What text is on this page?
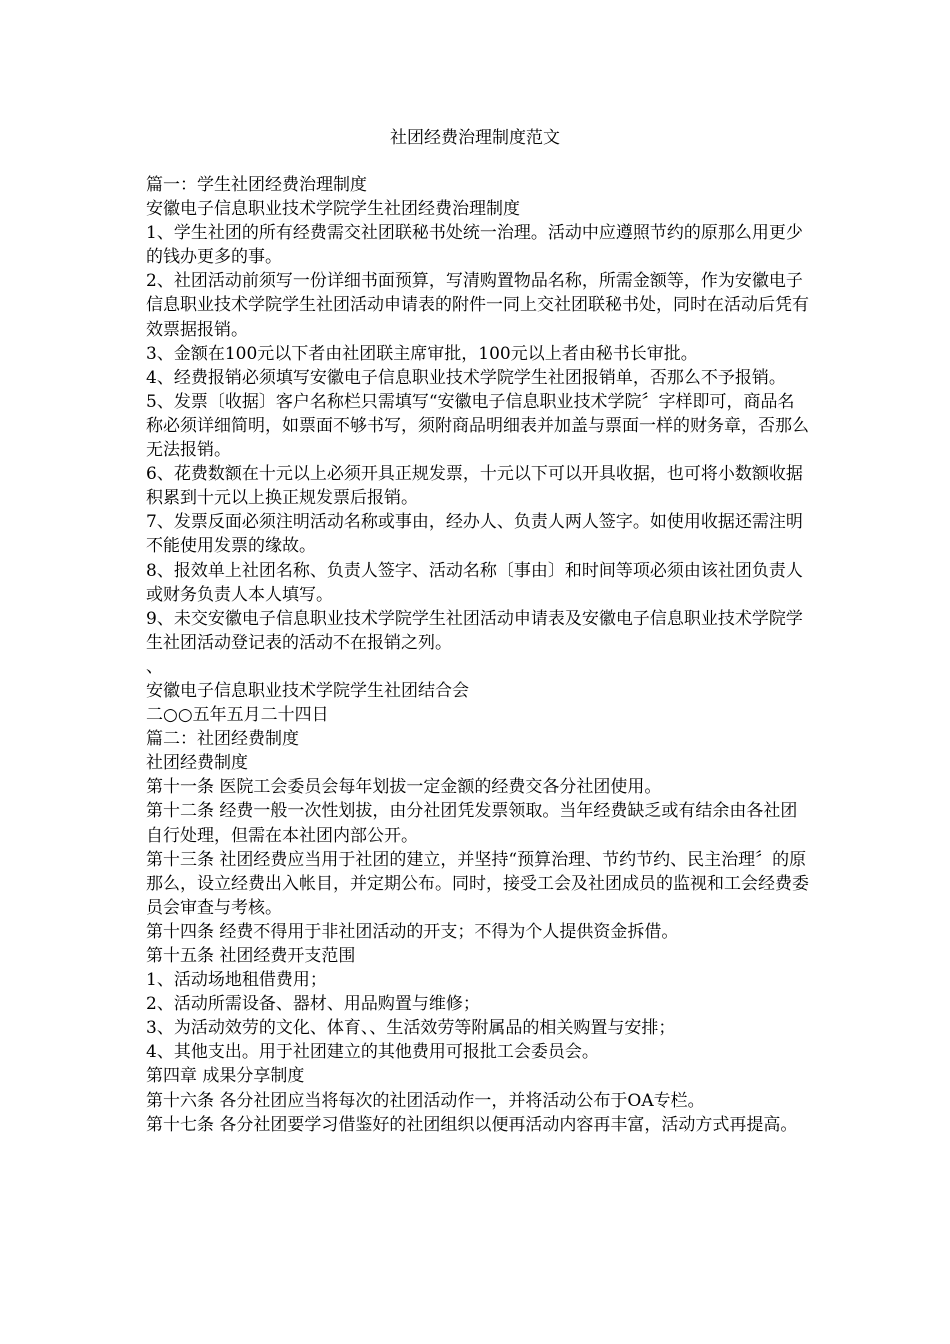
社团经费治理制度范文

篇一：学生社团经费治理制度

安徽电子信息职业技术学院学生社团经费治理制度

1、学生社团的所有经费需交社团联秘书处统一治理。活动中应遵照节约的原那么用更少的钱办更多的事。

2、社团活动前须写一份详细书面预算，写清购置物品名称，所需金额等，作为安徽电子信息职业技术学院学生社团活动申请表的附件一同上交社团联秘书处，同时在活动后凭有效票据报销。

3、金额在100元以下者由社团联主席审批，100元以上者由秘书长审批。

4、经费报销必须填写安徽电子信息职业技术学院学生社团报销单，否那么不予报销。

5、发票〔收据〕客户名称栏只需填写“安徽电子信息职业技术学院〞字样即可，商品名称必须详细简明，如票面不够书写，须附商品明细表并加盖与票面一样的财务章，否那么无法报销。

6、花费数额在十元以上必须开具正规发票，十元以下可以开具收据，也可将小数额收据积累到十元以上换正规发票后报销。

7、发票反面必须注明活动名称或事由，经办人、负责人两人签字。如使用收据还需注明不能使用发票的缘故。

8、报效单上社团名称、负责人签字、活动名称〔事由〕和时间等项必须由该社团负责人或财务负责人本人填写。

9、未交安徽电子信息职业技术学院学生社团活动申请表及安徽电子信息职业技术学院学生社团活动登记表的活动不在报销之列。

、

安徽电子信息职业技术学院学生社团结合会

二○○五年五月二十四日

篇二：社团经费制度

社团经费制度

第十一条 医院工会委员会每年划拔一定金额的经费交各分社团使用。

第十二条 经费一般一次性划拔，由分社团凭发票领取。当年经费缺乏或有结余由各社团自行处理，但需在本社团内部公开。

第十三条 社团经费应当用于社团的建立，并坚持“预算治理、节约节约、民主治理〞的原那么，设立经费出入帐目，并定期公布。同时，接受工会及社团成员的监视和工会经费委员会审查与考核。

第十四条 经费不得用于非社团活动的开支；不得为个人提供资金拆借。

第十五条 社团经费开支范围

1、活动场地租借费用；

2、活动所需设备、器材、用品购置与维修；

3、为活动效劳的文化、体育、、生活效劳等附属品的相关购置与安排；

4、其他支出。用于社团建立的其他费用可报批工会委员会。

第四章 成果分享制度

第十六条 各分社团应当将每次的社团活动作一，并将活动公布于OA专栏。

第十七条 各分社团要学习借鉴好的社团组织以便再活动内容再丰富，活动方式再提高。
